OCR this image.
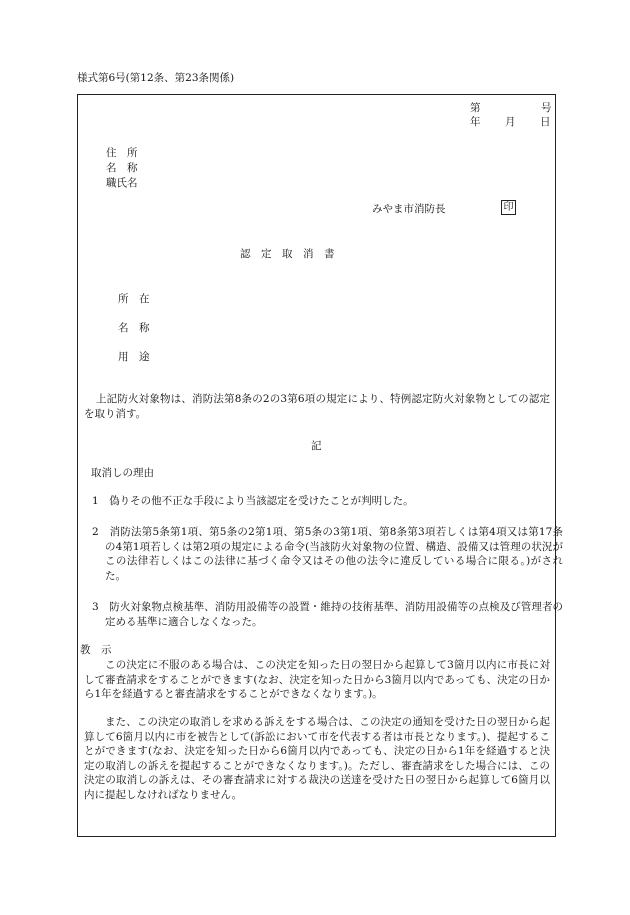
様式第6号(第12条、第23条関係)
第	号
年 月 日
住　所
名　称
職氏名
みやま市消防長	印
認　定　取　消　書
所　在
名　称
用　途
上記防火対象物は、消防法第8条の2の3第6項の規定により、特例認定防火対象物としての認定を取り消す。
記
取消しの理由
1　偽りその他不正な手段により当該認定を受けたことが判明した。
2　消防法第5条第1項、第5条の2第1項、第5条の3第1項、第8条第3項若しくは第4項又は第17条の4第1項若しくは第2項の規定による命令(当該防火対象物の位置、構造、設備又は管理の状況がこの法律若しくはこの法律に基づく命令又はその他の法令に違反している場合に限る。)がされた。
3　防火対象物点検基準、消防用設備等の設置・維持の技術基準、消防用設備等の点検及び管理者の定める基準に適合しなくなった。
教　示
この決定に不服のある場合は、この決定を知った日の翌日から起算して3箇月以内に市長に対して審査請求をすることができます(なお、決定を知った日から3箇月以内であっても、決定の日から1年を経過すると審査請求をすることができなくなります。)。
また、この決定の取消しを求める訴えをする場合は、この決定の通知を受けた日の翌日から起算して6箇月以内に市を被告として(訴訟において市を代表する者は市長となります。)、提起することができます(なお、決定を知った日から6箇月以内であっても、決定の日から1年を経過すると決定の取消しの訴えを提起することができなくなります。)。ただし、審査請求をした場合には、この決定の取消しの訴えは、その審査請求に対する裁決の送達を受けた日の翌日から起算して6箇月以内に提起しなければなりません。
